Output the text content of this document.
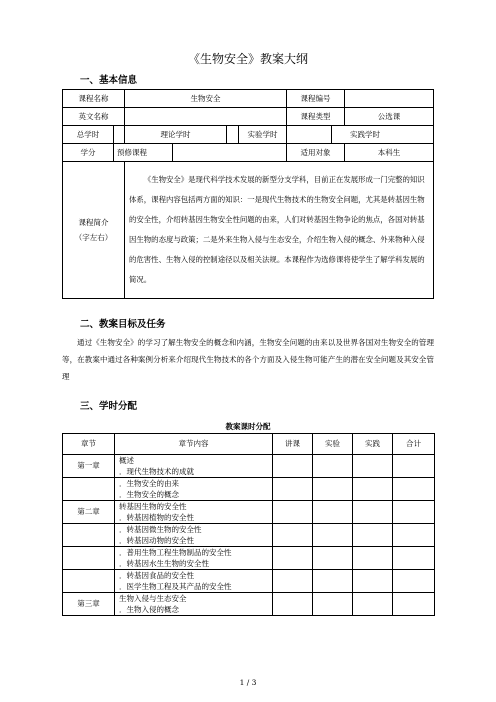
《生物安全》教案大纲
一、基本信息
课程名称		生物安全				课程编号		
英文名称						课程类型		公选课
总学时		理论学时			实验学时		实践学时	
学分	预修课程					适用对象		本科生

课程简介
（字左右）		《生物安全》是现代科学技术发展的新型分支学科，目前正在发展形成一门完整的知识体系，课程内容包括两方面的知识：一是现代生物技术的生物安全问题，尤其是转基因生物的安全性，介绍转基因生物安全性问题的由来，人们对转基因生物争论的焦点，各国对转基因生物的态度与政策；二是外来生物入侵与生态安全，介绍生物入侵的概念、外来物种入侵的危害性、生物入侵的控制途径以及相关法规。本课程作为选修课将使学生了解学科发展的简况。						
二、教案目标及任务
通过《生物安全》的学习了解生物安全的概念和内涵，生物安全问题的由来以及世界各国对生物安全的管理等，在教案中通过各种案例分析来介绍现代生物技术的各个方面及入侵生物可能产生的潜在安全问题及其安全管理
三、学时分配
教案课时分配
章节	章节内容	讲课	实验	实践	合计
第一章	概述
．现代生物技术的成就				

	．生物安全的由来
．生物安全的概念				

第二章	转基因生物的安全性
．转基因植物的安全性				

	．转基因微生物的安全性
．转基因动物的安全性				

	．普用生物工程生物制品的安全性
．转基因水生生物的安全性				

	．转基因食品的安全性
．医学生物工程及其产品的安全性				

第三章	生物入侵与生态安全
．生物入侵的概念				

1 / 3
